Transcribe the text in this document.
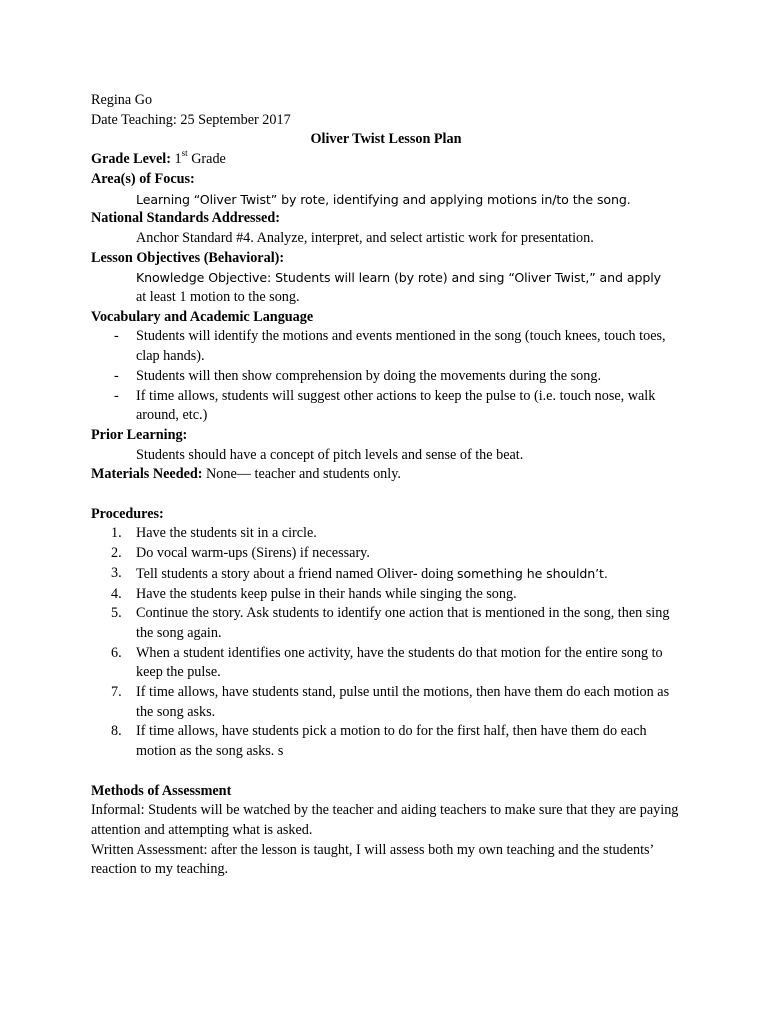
Regina Go
Date Teaching: 25 September 2017
Oliver Twist Lesson Plan
Grade Level: 1st Grade
Area(s) of Focus:
Learning “Oliver Twist” by rote, identifying and applying motions in/to the song.
National Standards Addressed:
Anchor Standard #4. Analyze, interpret, and select artistic work for presentation.
Lesson Objectives (Behavioral):
Knowledge Objective: Students will learn (by rote) and sing “Oliver Twist,” and apply
at least 1 motion to the song.
Vocabulary and Academic Language
- Students will identify the motions and events mentioned in the song (touch knees, touch toes, clap hands).
- Students will then show comprehension by doing the movements during the song.
- If time allows, students will suggest other actions to keep the pulse to (i.e. touch nose, walk around, etc.)
Prior Learning:
Students should have a concept of pitch levels and sense of the beat.
Materials Needed: None— teacher and students only.
Procedures:
1. Have the students sit in a circle.
2. Do vocal warm-ups (Sirens) if necessary.
3. Tell students a story about a friend named Oliver- doing something he shouldn’t.
4. Have the students keep pulse in their hands while singing the song.
5. Continue the story. Ask students to identify one action that is mentioned in the song, then sing the song again.
6. When a student identifies one activity, have the students do that motion for the entire song to keep the pulse.
7. If time allows, have students stand, pulse until the motions, then have them do each motion as the song asks.
8. If time allows, have students pick a motion to do for the first half, then have them do each motion as the song asks. s
Methods of Assessment
Informal: Students will be watched by the teacher and aiding teachers to make sure that they are paying attention and attempting what is asked.
Written Assessment: after the lesson is taught, I will assess both my own teaching and the students’ reaction to my teaching.
